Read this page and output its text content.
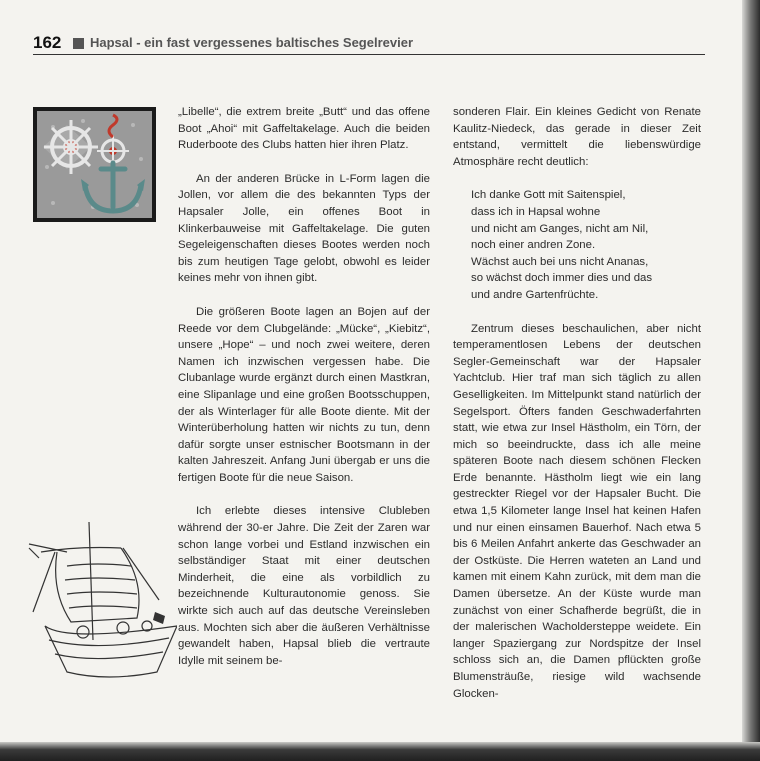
162 Hapsal - ein fast vergessenes baltisches Segelrevier

„Libelle“, die extrem breite „Butt“ und das offene Boot „Ahoi“ mit Gaffeltakelage. Auch die beiden Ruderboote des Clubs hatten hier ihren Platz.

An der anderen Brücke in L-Form lagen die Jollen, vor allem die des bekannten Typs der Hapsaler Jolle, ein offenes Boot in Klinkerbauweise mit Gaffeltakelage. Die guten Segeleigenschaften dieses Bootes werden noch bis zum heutigen Tage gelobt, obwohl es leider keines mehr von ihnen gibt.

Die größeren Boote lagen an Bojen auf der Reede vor dem Clubgelände: „Mücke“, „Kiebitz“, unsere „Hope“ – und noch zwei weitere, deren Namen ich inzwischen vergessen habe. Die Clubanlage wurde ergänzt durch einen Mastkran, eine Slipanlage und eine großen Bootsschuppen, der als Winterlager für alle Boote diente. Mit der Winterüberholung hatten wir nichts zu tun, denn dafür sorgte unser estnischer Bootsmann in der kalten Jahreszeit. Anfang Juni übergab er uns die fertigen Boote für die neue Saison.

Ich erlebte dieses intensive Clubleben während der 30-er Jahre. Die Zeit der Zaren war schon lange vorbei und Estland inzwischen ein selbständiger Staat mit einer deutschen Minderheit, die eine als vorbildlich zu bezeichnende Kulturautonomie genoss. Sie wirkte sich auch auf das deutsche Vereinsleben aus. Mochten sich aber die äußeren Verhältnisse gewandelt haben, Hapsal blieb die vertraute Idylle mit seinem be-

sonderen Flair. Ein kleines Gedicht von Renate Kaulitz-Niedeck, das gerade in dieser Zeit entstand, vermittelt die liebenswürdige Atmosphäre recht deutlich:

Ich danke Gott mit Saitenspiel,
dass ich in Hapsal wohne
und nicht am Ganges, nicht am Nil,
noch einer andren Zone.
Wächst auch bei uns nicht Ananas,
so wächst doch immer dies und das
und andre Gartenfrüchte.

Zentrum dieses beschaulichen, aber nicht temperamentlosen Lebens der deutschen Segler-Gemeinschaft war der Hapsaler Yachtclub. Hier traf man sich täglich zu allen Geselligkeiten. Im Mittelpunkt stand natürlich der Segelsport. Öfters fanden Geschwaderfahrten statt, wie etwa zur Insel Hästholm, ein Törn, der mich so beeindruckte, dass ich alle meine späteren Boote nach diesem schönen Flecken Erde benannte. Hästholm liegt wie ein lang gestreckter Riegel vor der Hapsaler Bucht. Die etwa 1,5 Kilometer lange Insel hat keinen Hafen und nur einen einsamen Bauerhof. Nach etwa 5 bis 6 Meilen Anfahrt ankerte das Geschwader an der Ostküste. Die Herren wateten an Land und kamen mit einem Kahn zurück, mit dem man die Damen übersetze. An der Küste wurde man zunächst von einer Schafherde begrüßt, die in der malerischen Wacholdersteppe weidete. Ein langer Spaziergang zur Nordspitze der Insel schloss sich an, die Damen pflückten große Blumensträuße, riesige wild wachsende Glocken-
